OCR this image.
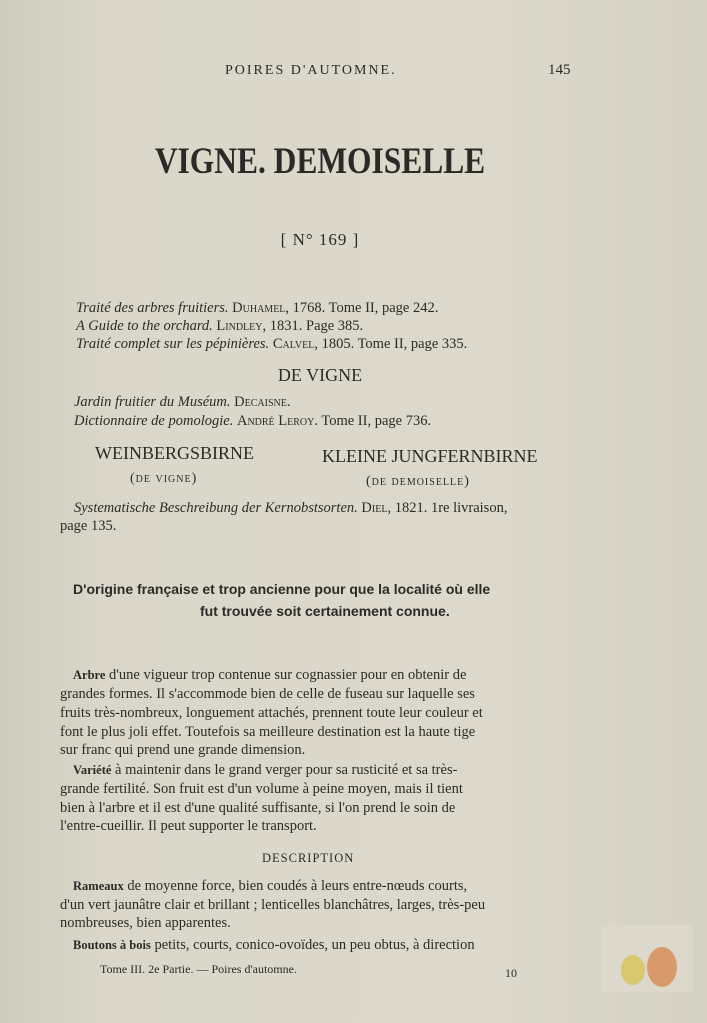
POIRES D'AUTOMNE.	145
VIGNE. DEMOISELLE
[ N° 169 ]
Traité des arbres fruitiers. Duhamel, 1768. Tome II, page 242.
A Guide to the orchard. Lindley, 1831. Page 385.
Traité complet sur les pépinières. Calvel, 1805. Tome II, page 335.
DE VIGNE
Jardin fruitier du Muséum. Decaisne.
Dictionnaire de pomologie. André Leroy. Tome II, page 736.
WEINBERGSBIRNE
(de vigne)
KLEINE JUNGFERNBIRNE
(de demoiselle)
Systematische Beschreibung der Kernobstsorten. Diel, 1821. 1re livraison,
page 135.
D'origine française et trop ancienne pour que la localité où elle
fut trouvée soit certainement connue.
Arbre d'une vigueur trop contenue sur cognassier pour en obtenir de
grandes formes. Il s'accommode bien de celle de fuseau sur laquelle ses
fruits très-nombreux, longuement attachés, prennent toute leur couleur et
font le plus joli effet. Toutefois sa meilleure destination est la haute tige
sur franc qui prend une grande dimension.
Variété à maintenir dans le grand verger pour sa rusticité et sa très-
grande fertilité. Son fruit est d'un volume à peine moyen, mais il tient
bien à l'arbre et il est d'une qualité suffisante, si l'on prend le soin de
l'entre-cueillir. Il peut supporter le transport.
DESCRIPTION
Rameaux de moyenne force, bien coudés à leurs entre-nœuds courts,
d'un vert jaunâtre clair et brillant ; lenticelles blanchâtres, larges, très-peu
nombreuses, bien apparentes.
Boutons à bois petits, courts, conico-ovoïdes, un peu obtus, à direction
Tome III. 2e Partie. — Poires d'automne.	10
